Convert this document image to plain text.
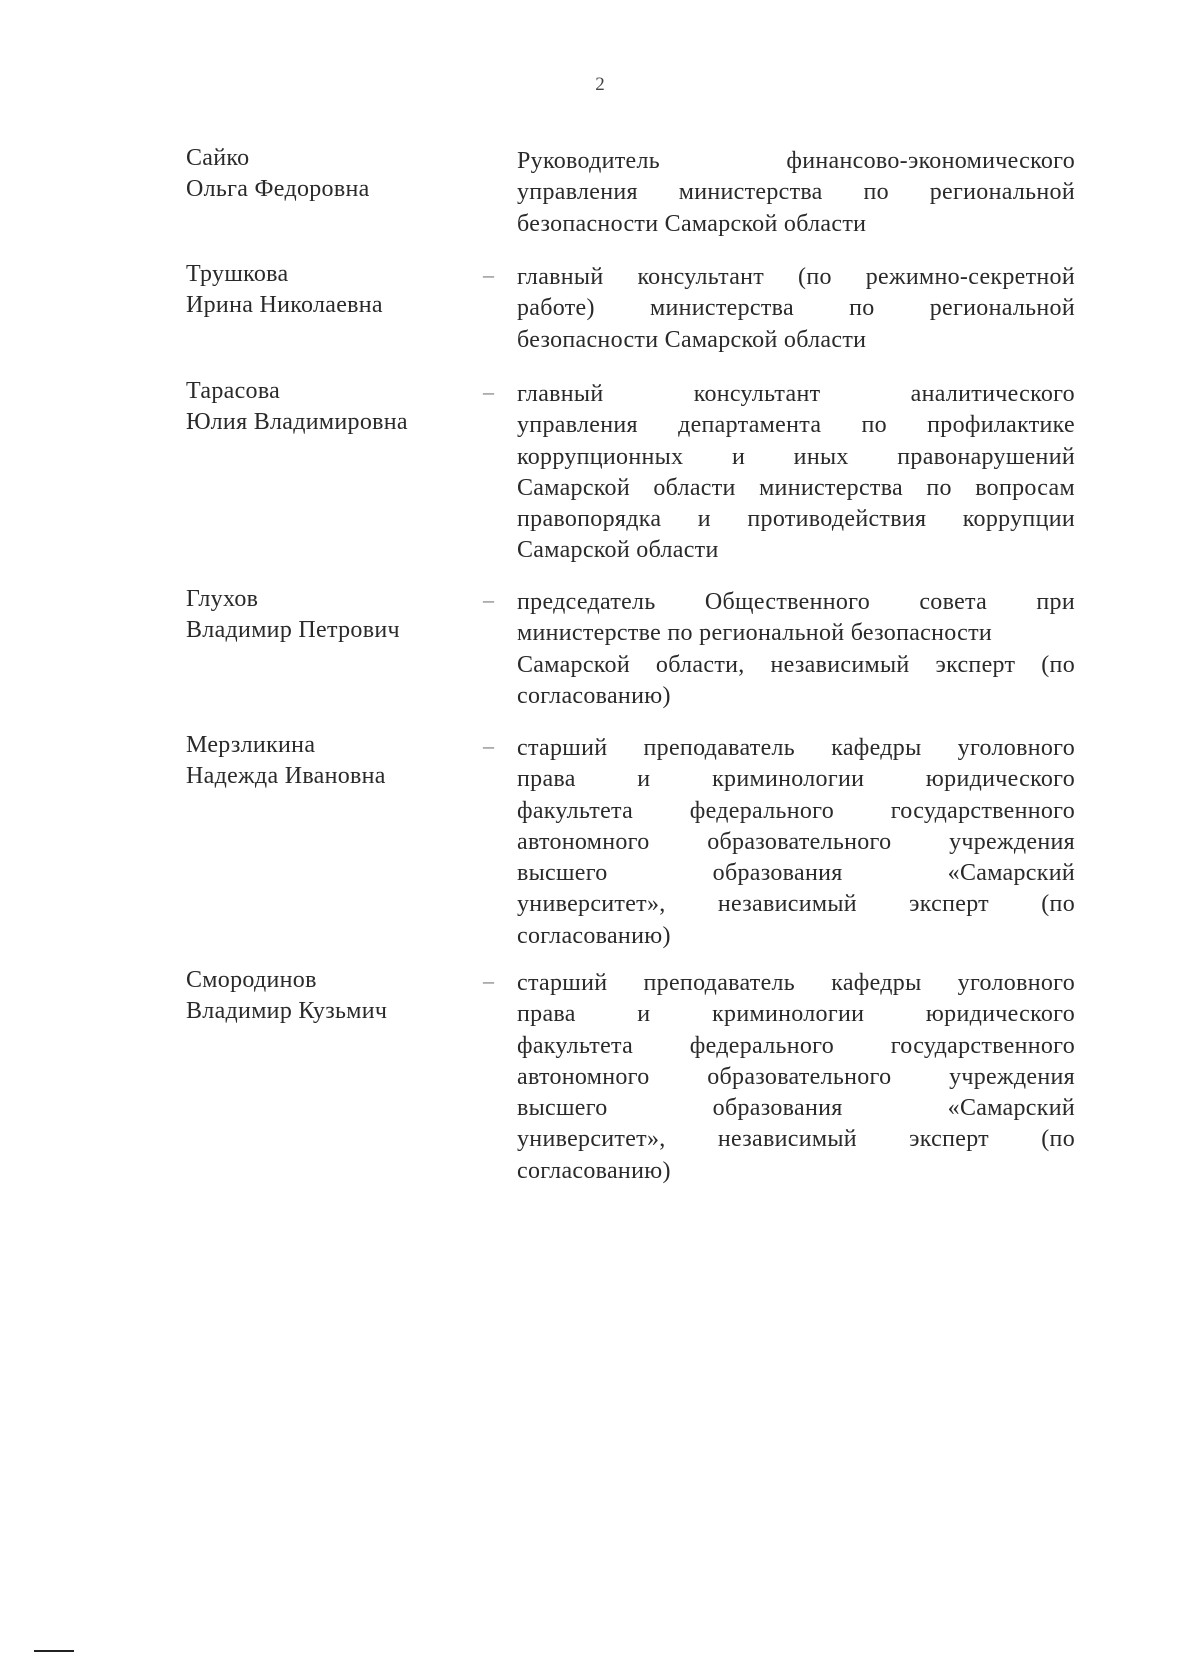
2
Сайко
Ольга Федоровна
Руководитель финансово-экономического
управления министерства по региональной
безопасности Самарской области
Трушкова
Ирина Николаевна
– главный консультант (по режимно-секретной
работе) министерства по региональной
безопасности Самарской области
Тарасова
Юлия Владимировна
– главный консультант аналитического
управления департамента по профилактике
коррупционных и иных правонарушений
Самарской области министерства по вопросам
правопорядка и противодействия коррупции
Самарской области
Глухов
Владимир Петрович
– председатель Общественного совета при
министерстве по региональной безопасности
Самарской области, независимый эксперт (по
согласованию)
Мерзликина
Надежда Ивановна
– старший преподаватель кафедры уголовного
права и криминологии юридического
факультета федерального государственного
автономного образовательного учреждения
высшего образования «Самарский
университет», независимый эксперт (по
согласованию)
Смородинов
Владимир Кузьмич
– старший преподаватель кафедры уголовного
права и криминологии юридического
факультета федерального государственного
автономного образовательного учреждения
высшего образования «Самарский
университет», независимый эксперт (по
согласованию)
